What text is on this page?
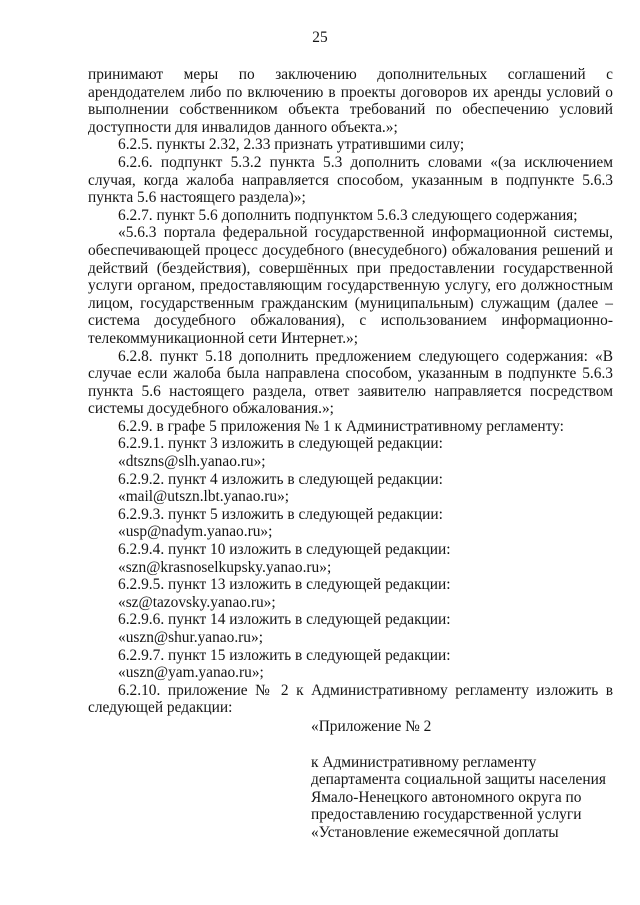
25

принимают меры по заключению дополнительных соглашений с арендодателем либо по включению в проекты договоров их аренды условий о выполнении собственником объекта требований по обеспечению условий доступности для инвалидов данного объекта.»;

6.2.5. пункты 2.32, 2.33 признать утратившими силу;

6.2.6. подпункт 5.3.2 пункта 5.3 дополнить словами «(за исключением случая, когда жалоба направляется способом, указанным в подпункте 5.6.3 пункта 5.6 настоящего раздела)»;

6.2.7. пункт 5.6 дополнить подпунктом 5.6.3 следующего содержания;

«5.6.3 портала федеральной государственной информационной системы, обеспечивающей процесс досудебного (внесудебного) обжалования решений и действий (бездействия), совершённых при предоставлении государственной услуги органом, предоставляющим государственную услугу, его должностным лицом, государственным гражданским (муниципальным) служащим (далее – система досудебного обжалования), с использованием информационно-телекоммуникационной сети Интернет.»;

6.2.8. пункт 5.18 дополнить предложением следующего содержания: «В случае если жалоба была направлена способом, указанным в подпункте 5.6.3 пункта 5.6 настоящего раздела, ответ заявителю направляется посредством системы досудебного обжалования.»;

6.2.9. в графе 5 приложения № 1 к Административному регламенту:

6.2.9.1. пункт 3 изложить в следующей редакции:

«dtszns@slh.yanao.ru»;

6.2.9.2. пункт 4 изложить в следующей редакции:

«mail@utszn.lbt.yanao.ru»;

6.2.9.3. пункт 5 изложить в следующей редакции:

«usp@nadym.yanao.ru»;

6.2.9.4. пункт 10 изложить в следующей редакции:

«szn@krasnoselkupsky.yanao.ru»;

6.2.9.5. пункт 13 изложить в следующей редакции:

«sz@tazovsky.yanao.ru»;

6.2.9.6. пункт 14 изложить в следующей редакции:

«uszn@shur.yanao.ru»;

6.2.9.7. пункт 15 изложить в следующей редакции:

«uszn@yam.yanao.ru»;

6.2.10. приложение № 2 к Административному регламенту изложить в следующей редакции:

«Приложение № 2

к Административному регламенту
департамента социальной защиты населения
Ямало-Ненецкого автономного округа по
предоставлению государственной услуги
«Установление ежемесячной доплаты
